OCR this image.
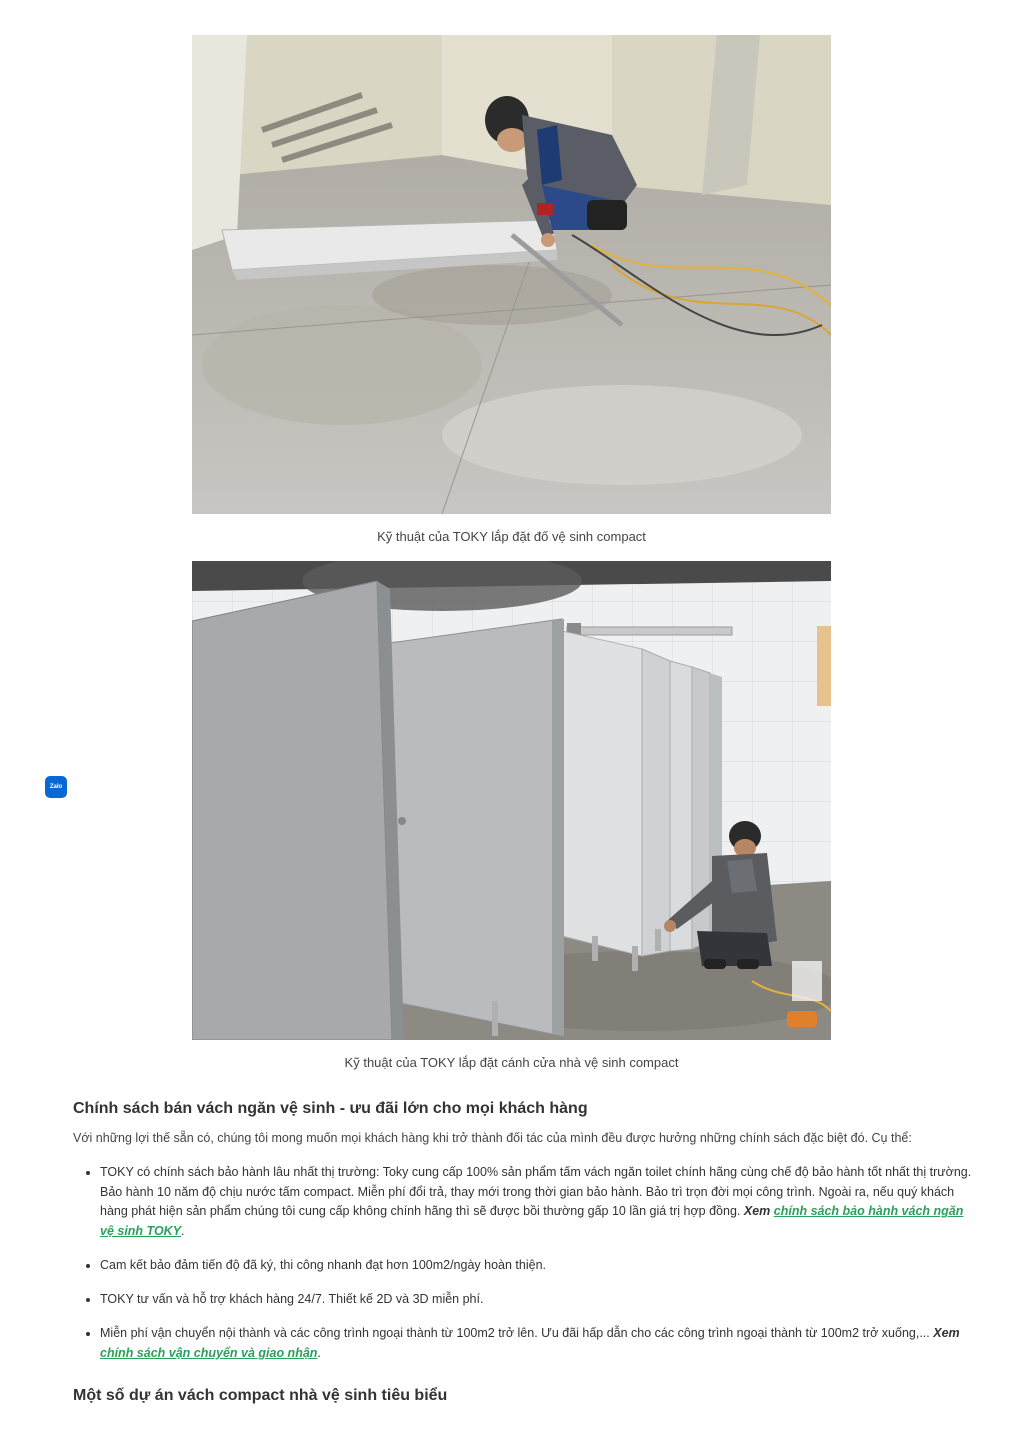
Kỹ thuật của TOKY lắp đặt đố vệ sinh compact

Kỹ thuật của TOKY lắp đặt cánh cửa nhà vệ sinh compact

Zalo
Chính sách bán vách ngăn vệ sinh - ưu đãi lớn cho mọi khách hàng

Với những lợi thế sẵn có, chúng tôi mong muốn mọi khách hàng khi trở thành đối tác của mình đều được hưởng những chính sách đặc biệt đó. Cụ thể:

• TOKY có chính sách bảo hành lâu nhất thị trường: Toky cung cấp 100% sản phẩm tấm vách ngăn toilet chính hãng cùng chế độ bảo hành tốt nhất thị trường. Bảo hành 10 năm độ chịu nước tấm compact. Miễn phí đổi trả, thay mới trong thời gian bảo hành. Bảo trì trọn đời mọi công trình. Ngoài ra, nếu quý khách hàng phát hiện sản phẩm chúng tôi cung cấp không chính hãng thì sẽ được bồi thường gấp 10 lần giá trị hợp đồng. Xem chính sách bảo hành vách ngăn vệ sinh TOKY.
• Cam kết bảo đảm tiến độ đã ký, thi công nhanh đạt hơn 100m2/ngày hoàn thiện.
• TOKY tư vấn và hỗ trợ khách hàng 24/7. Thiết kế 2D và 3D miễn phí.
• Miễn phí vận chuyển nội thành và các công trình ngoại thành từ 100m2 trở lên. Ưu đãi hấp dẫn cho các công trình ngoại thành từ 100m2 trở xuống,... Xem chính sách vận chuyển và giao nhận.
Một số dự án vách compact nhà vệ sinh tiêu biểu
